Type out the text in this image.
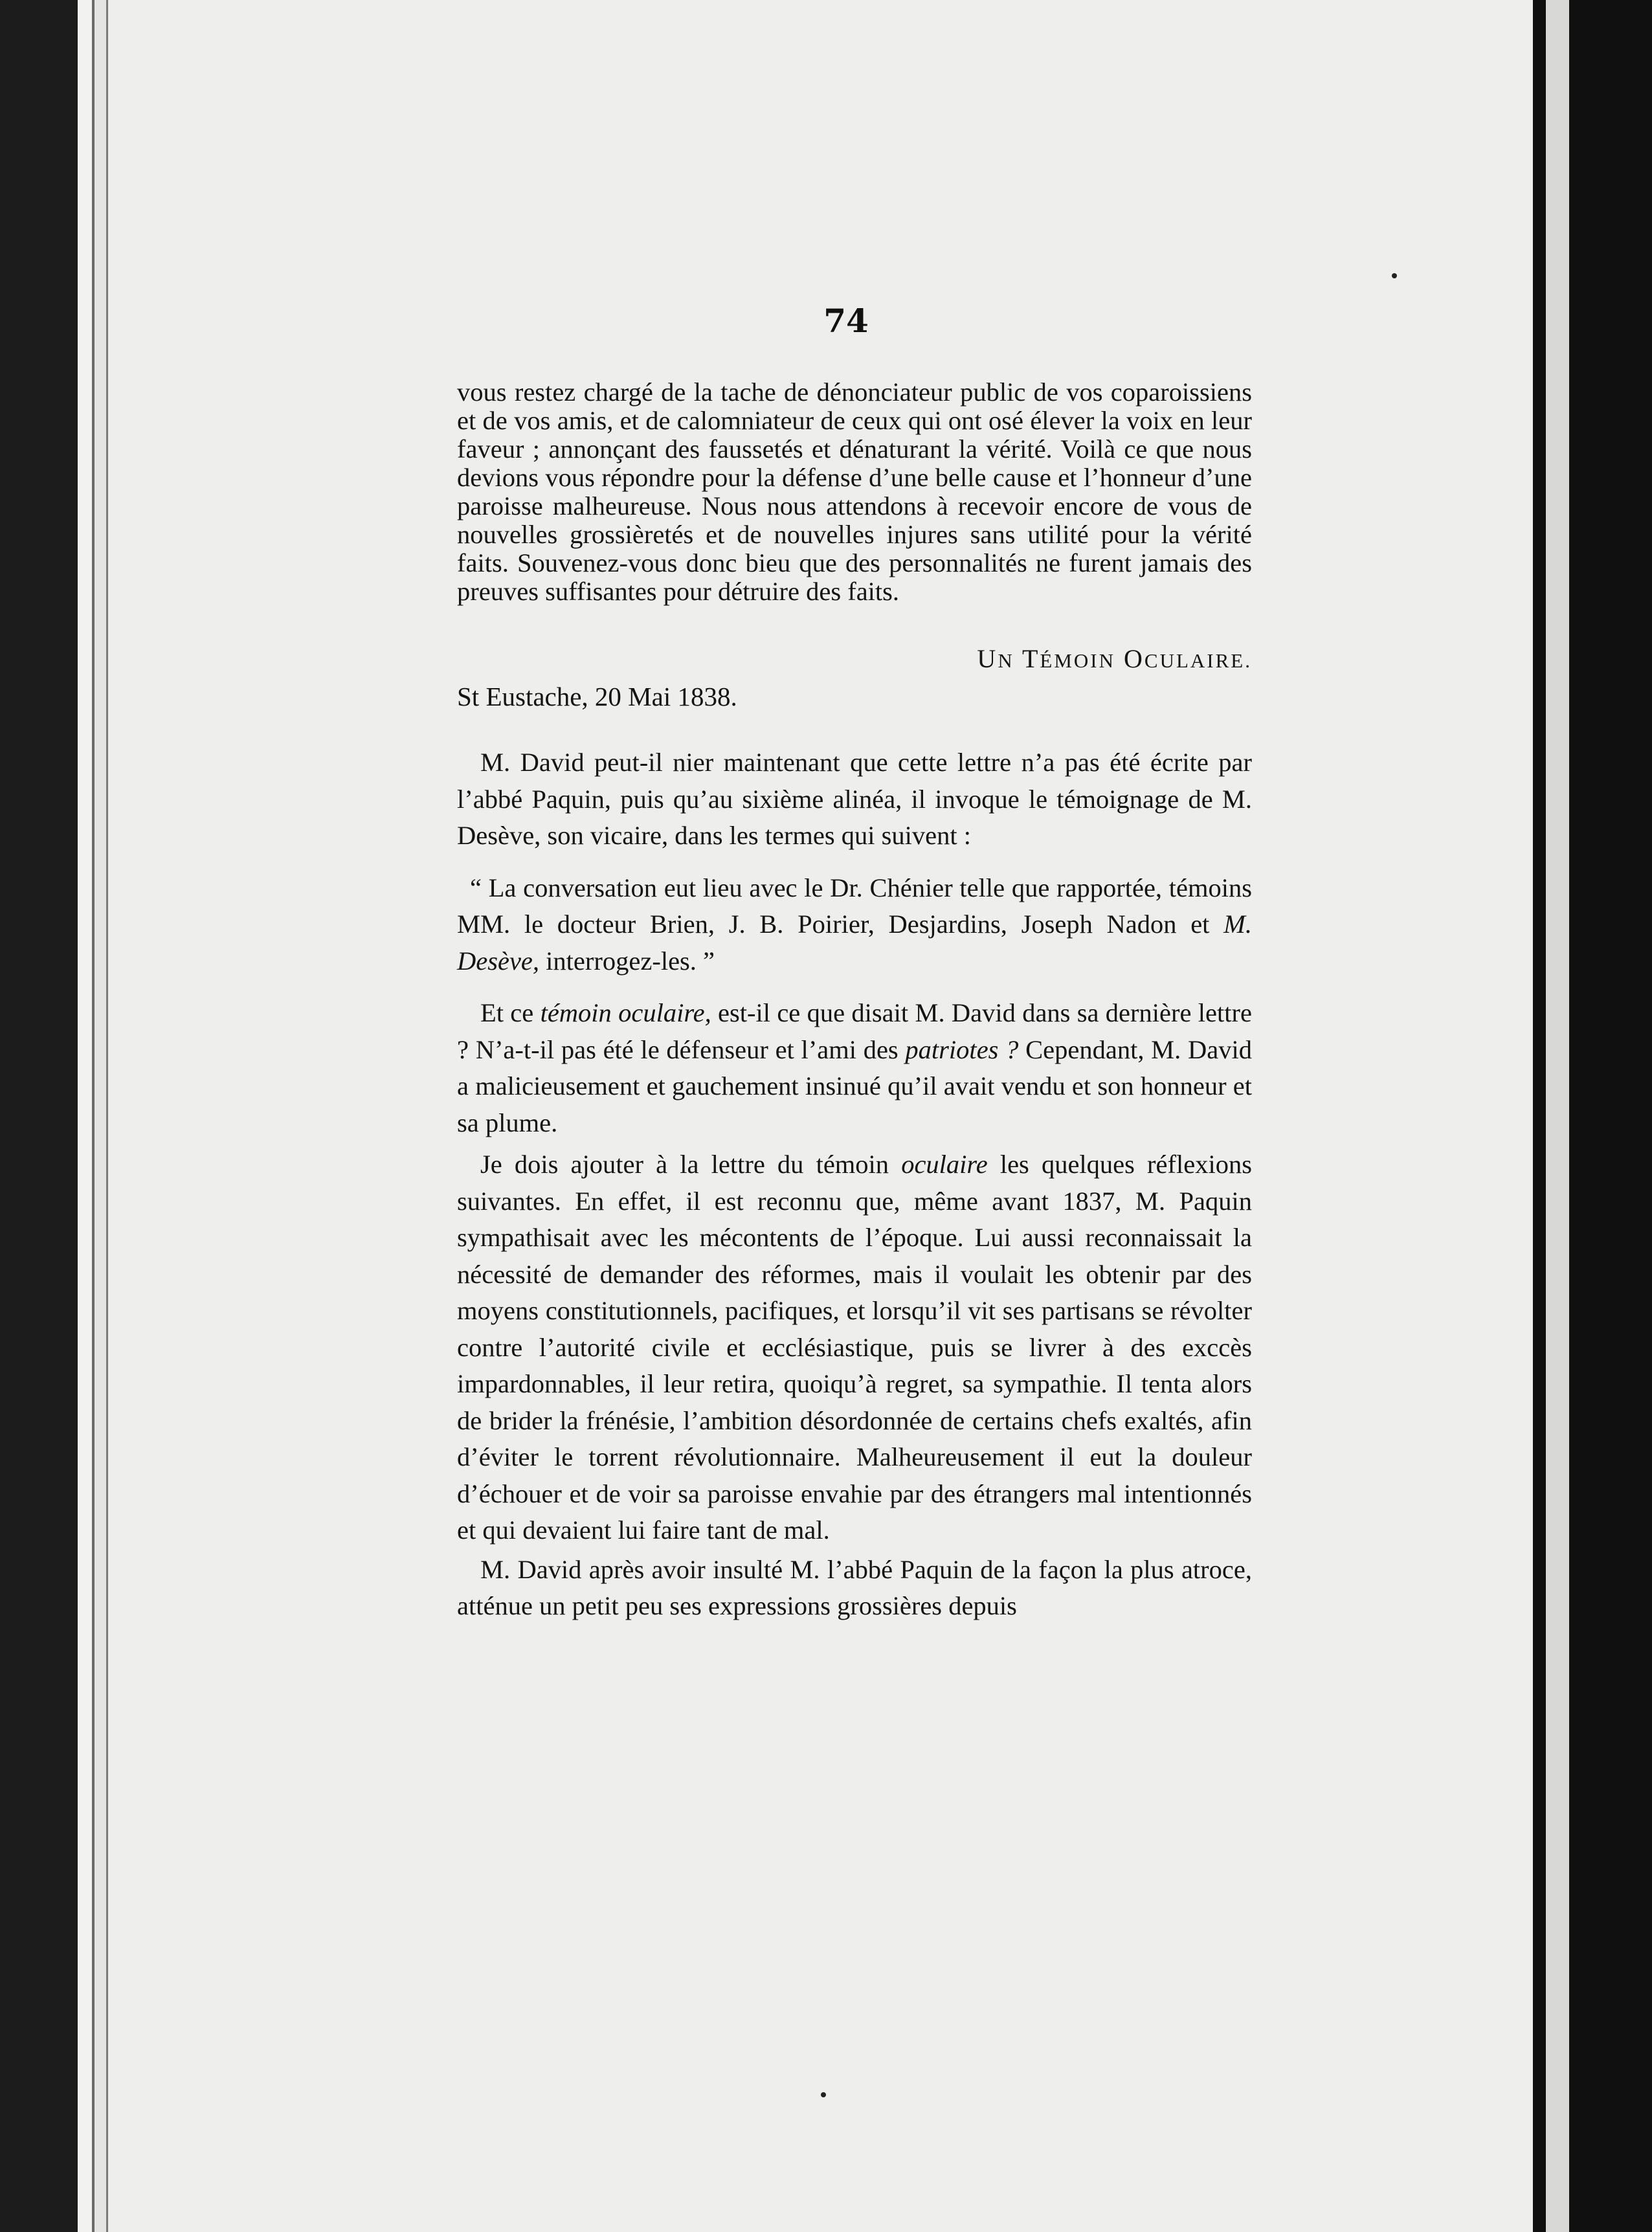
74

vous restez chargé de la tache de dénonciateur public de vos coparoissiens et de vos amis, et de calomniateur de ceux qui ont osé élever la voix en leur faveur ; annonçant des faussetés et dénaturant la vérité. Voilà ce que nous devions vous répondre pour la défense d’une belle cause et l’honneur d’une paroisse malheureuse. Nous nous attendons à recevoir encore de vous de nouvelles grossièretés et de nouvelles injures sans utilité pour la vérité faits. Souvenez-vous donc bieu que des personnalités ne furent jamais des preuves suffisantes pour détruire des faits.

UN TÉMOIN OCULAIRE.
St Eustache, 20 Mai 1838.

M. David peut-il nier maintenant que cette lettre n’a pas été écrite par l’abbé Paquin, puis qu’au sixième alinéa, il invoque le témoignage de M. Desève, son vicaire, dans les termes qui suivent :

“ La conversation eut lieu avec le Dr. Chénier telle que rapportée, témoins MM. le docteur Brien, J. B. Poirier, Desjardins, Joseph Nadon et M. Desève, interrogez-les. ”

Et ce témoin oculaire, est-il ce que disait M. David dans sa dernière lettre ? N’a-t-il pas été le défenseur et l’ami des patriotes ? Cependant, M. David a malicieusement et gauchement insinué qu’il avait vendu et son honneur et sa plume.

Je dois ajouter à la lettre du témoin oculaire les quelques réflexions suivantes. En effet, il est reconnu que, même avant 1837, M. Paquin sympathisait avec les mécontents de l’époque. Lui aussi reconnaissait la nécessité de demander des réformes, mais il voulait les obtenir par des moyens constitutionnels, pacifiques, et lorsqu’il vit ses partisans se révolter contre l’autorité civile et ecclésiastique, puis se livrer à des exccès impardonnables, il leur retira, quoiqu’à regret, sa sympathie. Il tenta alors de brider la frénésie, l’ambition désordonnée de certains chefs exaltés, afin d’éviter le torrent révolutionnaire. Malheureusement il eut la douleur d’échouer et de voir sa paroisse envahie par des étrangers mal intentionnés et qui devaient lui faire tant de mal.

M. David après avoir insulté M. l’abbé Paquin de la façon la plus atroce, atténue un petit peu ses expressions grossières depuis
